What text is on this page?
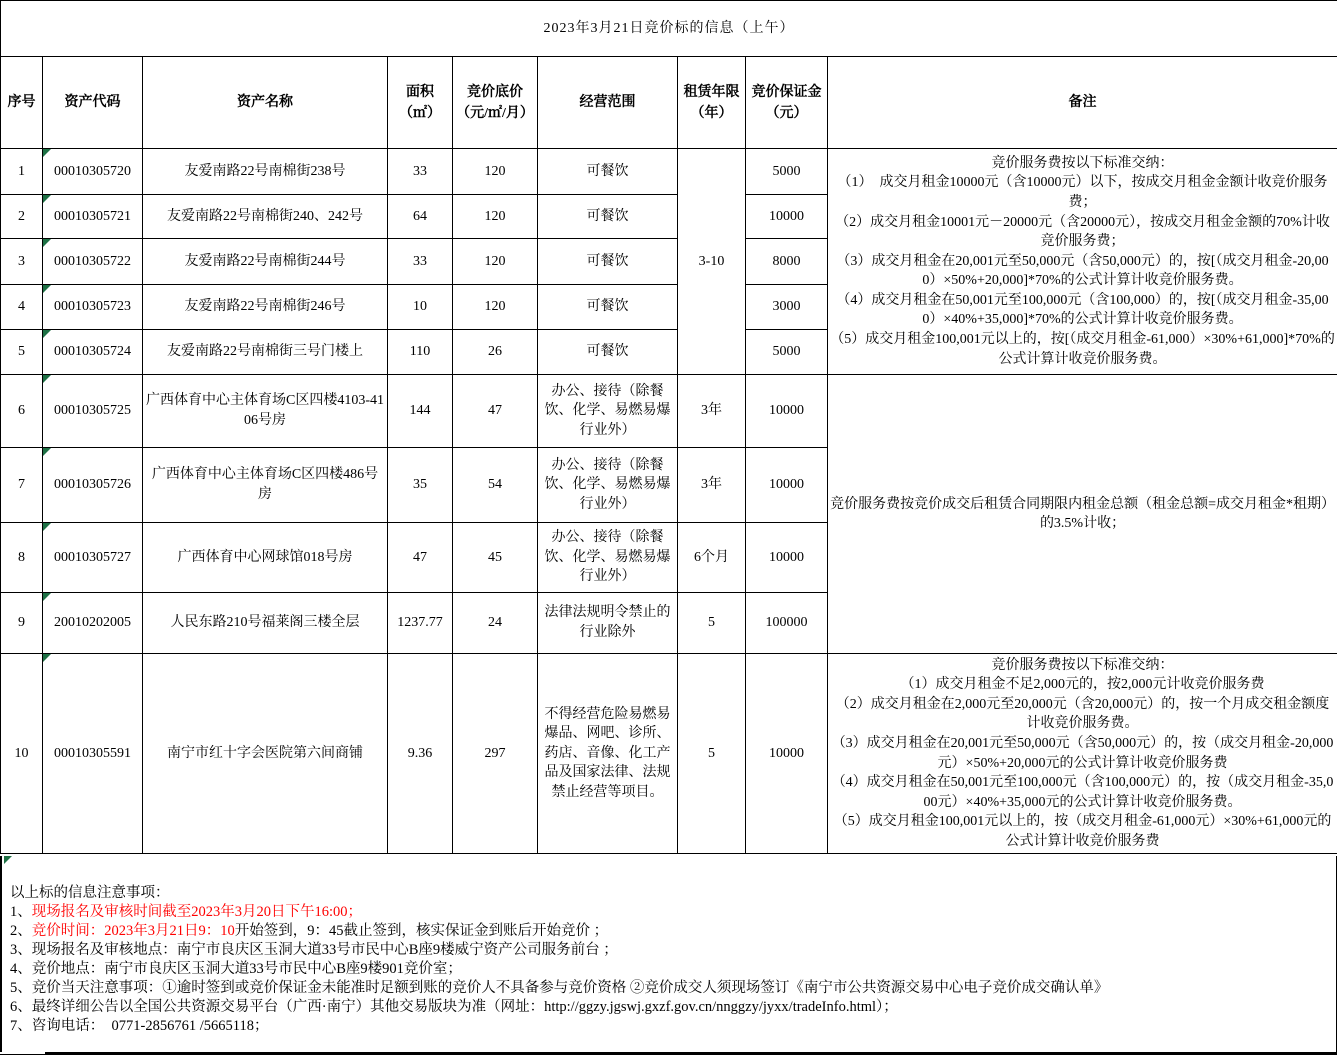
2023年3月21日竞价标的信息（上午）								
序号	资产代码	资产名称	面积（㎡）	竞价底价（元/㎡/月）	经营范围	租赁年限（年）	竞价保证金（元）	备注
1	00010305720	友爱南路22号南棉街238号	33	120	可餐饮	3-10	5000	
竞价服务费按以下标准交纳：
（1）  成交月租金10000元（含10000元）以下，按成交月租金金额计收竞价服务费；
（2）成交月租金10001元－20000元（含20000元），按成交月租金金额的70%计收竞价服务费；
（3）成交月租金在20,001元至50,000元（含50,000元）的，按[（成交月租金-20,000）×50%+20,000]*70%的公式计算计收竞价服务费。
（4）成交月租金在50,001元至100,000元（含100,000）的，按[（成交月租金-35,000）×40%+35,000]*70%的公式计算计收竞价服务费。
（5）成交月租金100,001元以上的，按[（成交月租金-61,000）×30%+61,000]*70%的公式计算计收竞价服务费。

2	00010305721	友爱南路22号南棉街240、242号	64	120	可餐饮		10000	
3	00010305722	友爱南路22号南棉街244号	33	120	可餐饮		8000	
4	00010305723	友爱南路22号南棉街246号	10	120	可餐饮		3000	
5	00010305724	友爱南路22号南棉街三号门楼上	110	26	可餐饮		5000	
6	00010305725	广西体育中心主体育场C区四楼4103-4106号房	144	47	办公、接待（除餐饮、化学、易燃易爆行业外）	3年	10000	竞价服务费按竞价成交后租赁合同期限内租金总额（租金总额=成交月租金*租期）的3.5%计收；

7	00010305726	广西体育中心主体育场C区四楼486号房	35	54	办公、接待（除餐饮、化学、易燃易爆行业外）	3年	10000	
8	00010305727	广西体育中心网球馆018号房	47	45	办公、接待（除餐饮、化学、易燃易爆行业外）	6个月	10000	
9	20010202005	人民东路210号福莱阁三楼全层	1237.77	24	法律法规明令禁止的行业除外	5	100000	
10	00010305591	南宁市红十字会医院第六间商铺	9.36	297	不得经营危险易燃易爆品、网吧、诊所、药店、音像、化工产品及国家法律、法规禁止经营等项目。	5	10000	
竞价服务费按以下标准交纳：
（1）成交月租金不足2,000元的，按2,000元计收竞价服务费
（2）成交月租金在2,000元至20,000元（含20,000元）的，按一个月成交租金额度计收竞价服务费。
（3）成交月租金在20,001元至50,000元（含50,000元）的，按（成交月租金-20,000元）×50%+20,000元的公式计算计收竞价服务费
（4）成交月租金在50,001元至100,000元（含100,000元）的，按（成交月租金-35,000元）×40%+35,000元的公式计算计收竞价服务费。
（5）成交月租金100,001元以上的，按（成交月租金-61,000元）×30%+61,000元的公式计算计收竞价服务费
以上标的信息注意事项：
1、现场报名及审核时间截至2023年3月20日下午16:00；
2、竞价时间：2023年3月21日9：10开始签到，9：45截止签到，核实保证金到账后开始竞价 ；
3、现场报名及审核地点：南宁市良庆区玉洞大道33号市民中心B座9楼威宁资产公司服务前台 ；
4、竞价地点：南宁市良庆区玉洞大道33号市民中心B座9楼901竞价室；
5、竞价当天注意事项：①逾时签到或竞价保证金未能准时足额到账的竞价人不具备参与竞价资格 ②竞价成交人须现场签订《南宁市公共资源交易中心电子竞价成交确认单》
6、最终详细公告以全国公共资源交易平台（广西·南宁）其他交易版块为准（网址：http://ggzy.jgswj.gxzf.gov.cn/nnggzy/jyxx/tradeInfo.html）；
7、咨询电话：  0771-2856761 /5665118；
